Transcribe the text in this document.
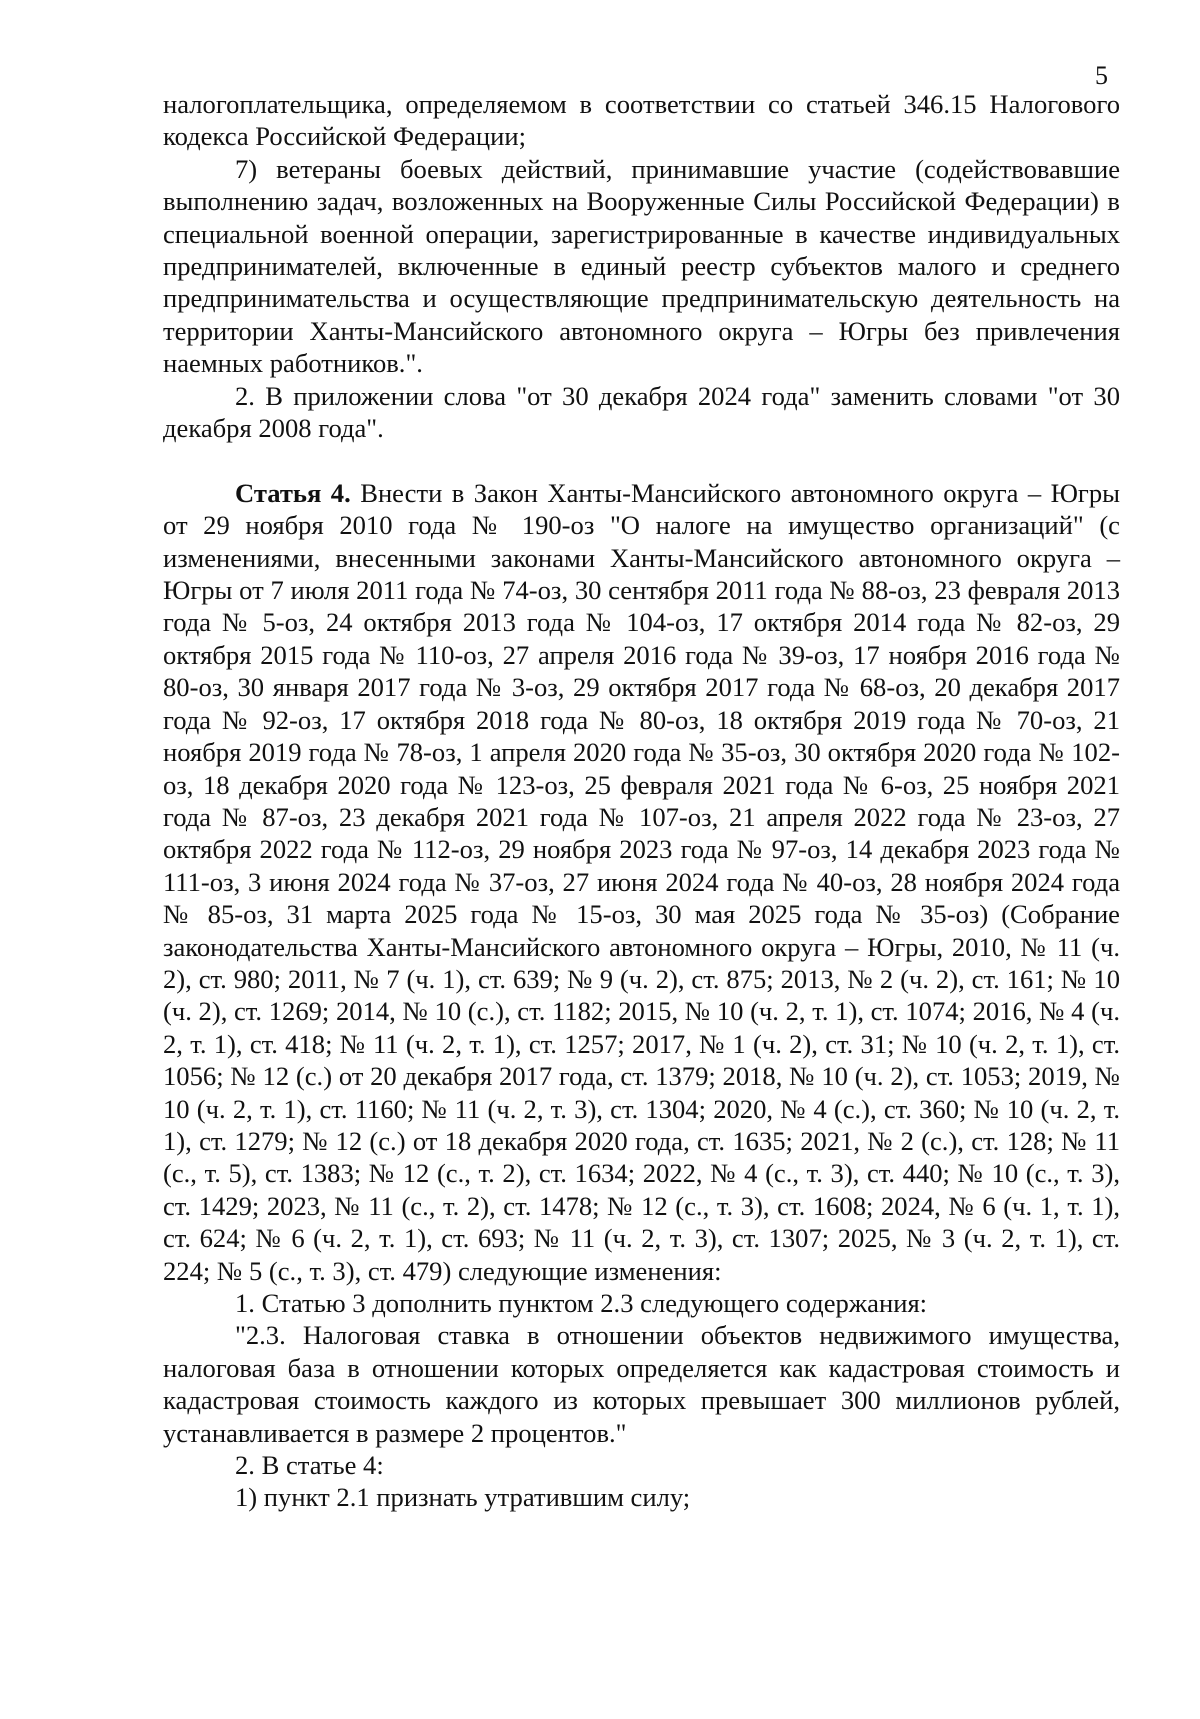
5

налогоплательщика, определяемом в соответствии со статьей 346.15 Налогового кодекса Российской Федерации;

7) ветераны боевых действий, принимавшие участие (содействовавшие выполнению задач, возложенных на Вооруженные Силы Российской Федерации) в специальной военной операции, зарегистрированные в качестве индивидуальных предпринимателей, включенные в единый реестр субъектов малого и среднего предпринимательства и осуществляющие предпринимательскую деятельность на территории Ханты-Мансийского автономного округа – Югры без привлечения наемных работников.".

2. В приложении слова "от 30 декабря 2024 года" заменить словами "от 30 декабря 2008 года".

Статья 4. Внести в Закон Ханты-Мансийского автономного округа – Югры от 29 ноября 2010 года № 190-оз "О налоге на имущество организаций" (с изменениями, внесенными законами Ханты-Мансийского автономного округа – Югры от 7 июля 2011 года № 74-оз, 30 сентября 2011 года № 88-оз, 23 февраля 2013 года № 5-оз, 24 октября 2013 года № 104-оз, 17 октября 2014 года № 82-оз, 29 октября 2015 года № 110-оз, 27 апреля 2016 года № 39-оз, 17 ноября 2016 года № 80-оз, 30 января 2017 года № 3-оз, 29 октября 2017 года № 68-оз, 20 декабря 2017 года № 92-оз, 17 октября 2018 года № 80-оз, 18 октября 2019 года № 70-оз, 21 ноября 2019 года № 78-оз, 1 апреля 2020 года № 35-оз, 30 октября 2020 года № 102-оз, 18 декабря 2020 года № 123-оз, 25 февраля 2021 года № 6-оз, 25 ноября 2021 года № 87-оз, 23 декабря 2021 года № 107-оз, 21 апреля 2022 года № 23-оз, 27 октября 2022 года № 112-оз, 29 ноября 2023 года № 97-оз, 14 декабря 2023 года № 111-оз, 3 июня 2024 года № 37-оз, 27 июня 2024 года № 40-оз, 28 ноября 2024 года № 85-оз, 31 марта 2025 года № 15-оз, 30 мая 2025 года № 35-оз) (Собрание законодательства Ханты-Мансийского автономного округа – Югры, 2010, № 11 (ч. 2), ст. 980; 2011, № 7 (ч. 1), ст. 639; № 9 (ч. 2), ст. 875; 2013, № 2 (ч. 2), ст. 161; № 10 (ч. 2), ст. 1269; 2014, № 10 (с.), ст. 1182; 2015, № 10 (ч. 2, т. 1), ст. 1074; 2016, № 4 (ч. 2, т. 1), ст. 418; № 11 (ч. 2, т. 1), ст. 1257; 2017, № 1 (ч. 2), ст. 31; № 10 (ч. 2, т. 1), ст. 1056; № 12 (с.) от 20 декабря 2017 года, ст. 1379; 2018, № 10 (ч. 2), ст. 1053; 2019, № 10 (ч. 2, т. 1), ст. 1160; № 11 (ч. 2, т. 3), ст. 1304; 2020, № 4 (с.), ст. 360; № 10 (ч. 2, т. 1), ст. 1279; № 12 (с.) от 18 декабря 2020 года, ст. 1635; 2021, № 2 (с.), ст. 128; № 11 (с., т. 5), ст. 1383; № 12 (с., т. 2), ст. 1634; 2022, № 4 (с., т. 3), ст. 440; № 10 (с., т. 3), ст. 1429; 2023, № 11 (с., т. 2), ст. 1478; № 12 (с., т. 3), ст. 1608; 2024, № 6 (ч. 1, т. 1), ст. 624; № 6 (ч. 2, т. 1), ст. 693; № 11 (ч. 2, т. 3), ст. 1307; 2025, № 3 (ч. 2, т. 1), ст. 224; № 5 (с., т. 3), ст. 479) следующие изменения:

1. Статью 3 дополнить пунктом 2.3 следующего содержания:

"2.3. Налоговая ставка в отношении объектов недвижимого имущества, налоговая база в отношении которых определяется как кадастровая стоимость и кадастровая стоимость каждого из которых превышает 300 миллионов рублей, устанавливается в размере 2 процентов."

2. В статье 4:

1) пункт 2.1 признать утратившим силу;
